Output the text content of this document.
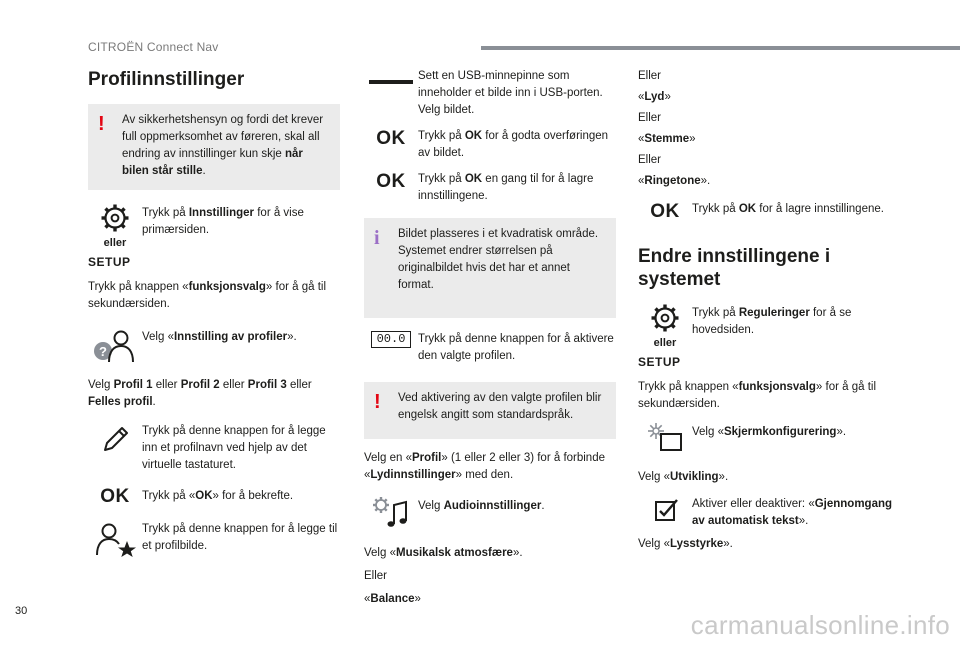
CITROËN Connect Nav
Profilinnstillinger
! Av sikkerhetshensyn og fordi det krever full oppmerksomhet av føreren, skal all endring av innstillinger kun skje når bilen står stille.
eller
Trykk på Innstillinger for å vise primærsiden.
SETUP

Trykk på knappen «funksjonsvalg» for å gå til sekundærsiden.

?
Velg «Innstilling av profiler».

Velg Profil 1 eller Profil 2 eller Profil 3 eller Felles profil.

Trykk på denne knappen for å legge inn et profilnavn ved hjelp av det virtuelle tastaturet.
OK Trykk på «OK» for å bekrefte.
Trykk på denne knappen for å legge til et profilbilde.
Sett en USB-minnepinne som inneholder et bilde inn i USB-porten. Velg bildet.
OK Trykk på OK for å godta overføringen av bildet.
OK Trykk på OK en gang til for å lagre innstillingene.
i Bildet plasseres i et kvadratisk område. Systemet endrer størrelsen på originalbildet hvis det har et annet format.
00.0	Trykk på denne knappen for å aktivere den valgte profilen.
! Ved aktivering av den valgte profilen blir engelsk angitt som standardspråk.

Velg en «Profil» (1 eller 2 eller 3) for å forbinde «Lydinnstillinger» med den.

Velg Audioinnstillinger.

Velg «Musikalsk atmosfære».

Eller

«Balance»

Eller

«Lyd»

Eller

«Stemme»

Eller

«Ringetone».

OK Trykk på OK for å lagre innstillingene.
Endre innstillingene i systemet
eller
Trykk på Reguleringer for å se hovedsiden.
SETUP

Trykk på knappen «funksjonsvalg» for å gå til sekundærsiden.

Velg «Skjermkonfigurering».

Velg «Utvikling».

Aktiver eller deaktiver: «Gjennomgang av automatisk tekst».

Velg «Lysstyrke».

30	carmanualsonline.info
